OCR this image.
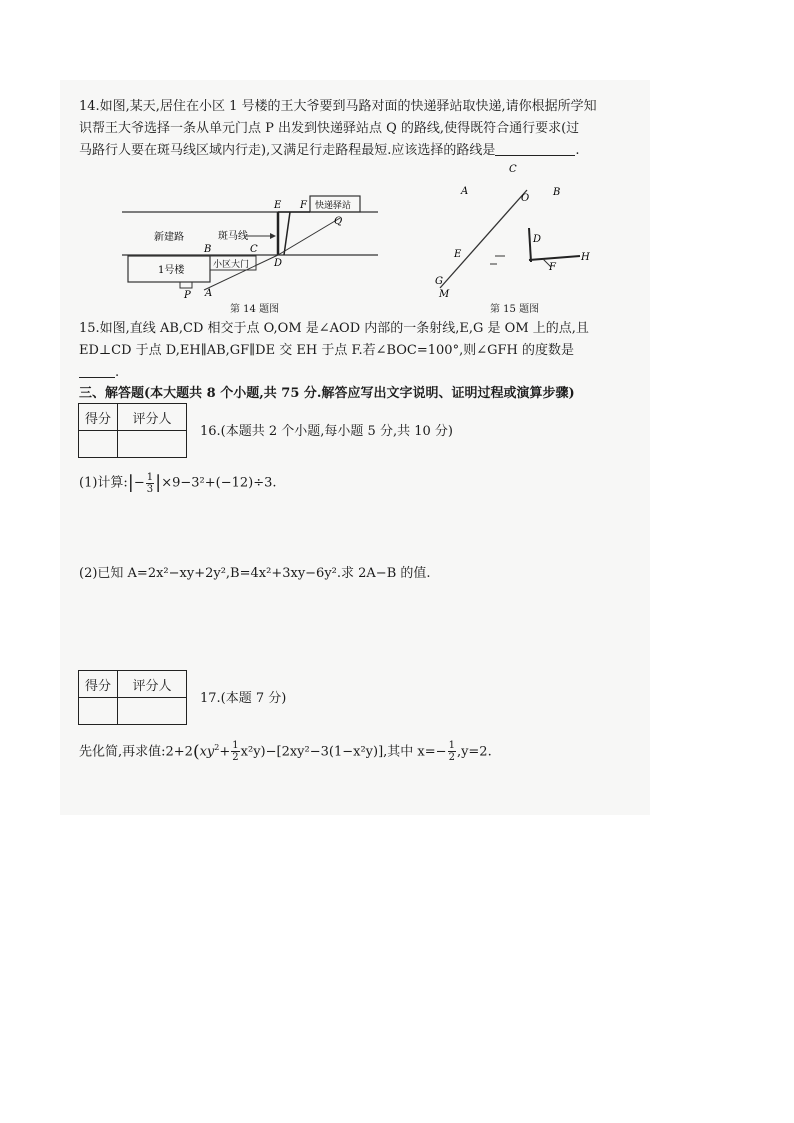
14.如图,某天,居住在小区 1 号楼的王大爷要到马路对面的快递驿站取快递,请你根据所学知
识帮王大爷选择一条从单元门点 P 出发到快递驿站点 Q 的路线,使得既符合通行要求(过
马路行人要在斑马线区域内行走),又满足行走路程最短.应该选择的路线是	.
快递驿站
新建路	斑马线
1号楼	小区大门
E F
Q
B	C
D
P A
第 14 题图
C
A
O
B
D
E	H
F
G
M
第 15 题图
15.如图,直线 AB,CD 相交于点 O,OM 是∠AOD 内部的一条射线,E,G 是 OM 上的点,且
ED⊥CD 于点 D,EH∥AB,GF∥DE 交 EH 于点 F.若∠BOC=100°,则∠GFH 的度数是
.
三、解答题(本大题共 8 个小题,共 75 分.解答应写出文字说明、证明过程或演算步骤)
得分	评分人

16.(本题共 2 个小题,每小题 5 分,共 10 分)
(1)计算:|− $\frac{1}{3} |\times 9-3^2+(-12)\div 3$.
(2)已知 A=2x²−xy+2y²,B=4x²+3xy−6y².求 2A−B 的值.
得分	评分人

17.(本题 7 分)
先化简,再求值$:2+2(xy^2+ \frac{1}{2} x^2y)-[2xy^2-3(1-x^2y)]$,其中 $x=- \frac{1}{2} ,y=2$.
